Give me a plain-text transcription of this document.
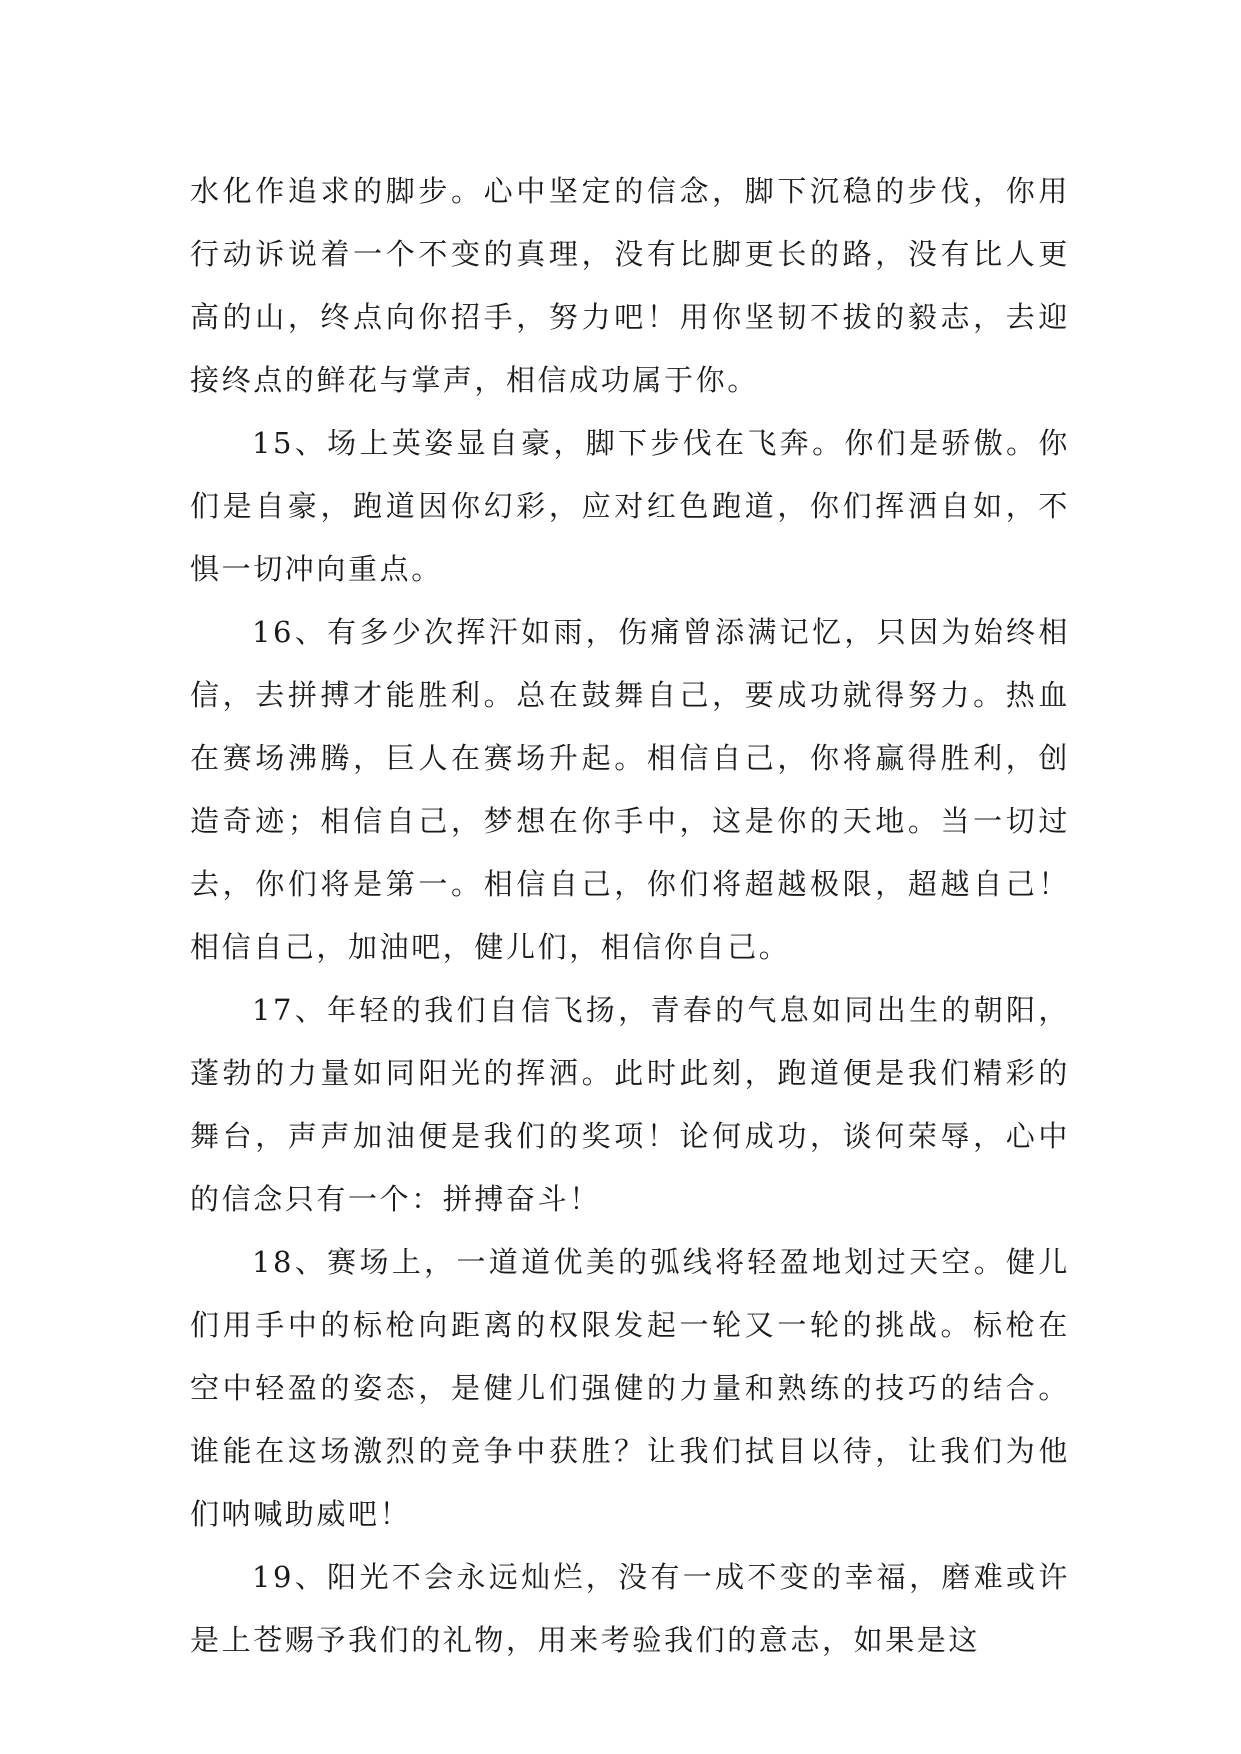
水化作追求的脚步。心中坚定的信念，脚下沉稳的步伐，你用行动诉说着一个不变的真理，没有比脚更长的路，没有比人更高的山，终点向你招手，努力吧！用你坚韧不拔的毅志，去迎接终点的鲜花与掌声，相信成功属于你。

15、场上英姿显自豪，脚下步伐在飞奔。你们是骄傲。你们是自豪，跑道因你幻彩，应对红色跑道，你们挥洒自如，不惧一切冲向重点。

16、有多少次挥汗如雨，伤痛曾添满记忆，只因为始终相信，去拼搏才能胜利。总在鼓舞自己，要成功就得努力。热血在赛场沸腾，巨人在赛场升起。相信自己，你将赢得胜利，创造奇迹；相信自己，梦想在你手中，这是你的天地。当一切过去，你们将是第一。相信自己，你们将超越极限，超越自己！相信自己，加油吧，健儿们，相信你自己。

17、年轻的我们自信飞扬，青春的气息如同出生的朝阳，蓬勃的力量如同阳光的挥洒。此时此刻，跑道便是我们精彩的舞台，声声加油便是我们的奖项！论何成功，谈何荣辱，心中的信念只有一个：拼搏奋斗！

18、赛场上，一道道优美的弧线将轻盈地划过天空。健儿们用手中的标枪向距离的权限发起一轮又一轮的挑战。标枪在空中轻盈的姿态，是健儿们强健的力量和熟练的技巧的结合。谁能在这场激烈的竞争中获胜？让我们拭目以待，让我们为他们呐喊助威吧！

19、阳光不会永远灿烂，没有一成不变的幸福，磨难或许是上苍赐予我们的礼物，用来考验我们的意志，如果是这
